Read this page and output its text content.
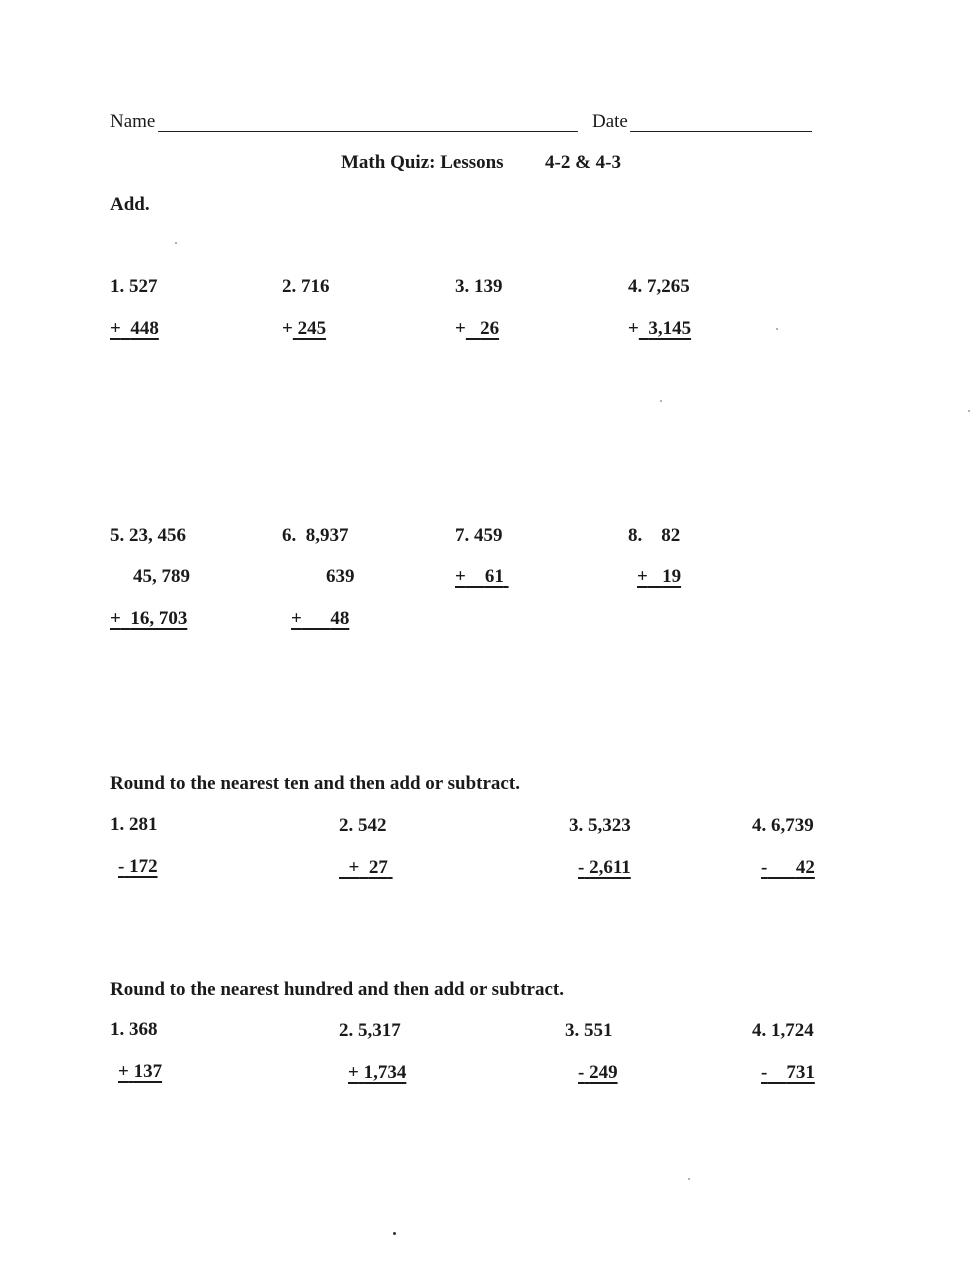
Name	Date
Math Quiz: Lessons 4-2 & 4-3
Add.
1. 527
+ 448
2. 716
+ 245
3. 139
+ 26
4. 7,265
+ 3,145
5. 23, 456
45, 789
+ 16, 703
6. 8,937
639
+ 48
7. 459
+ 61
8. 82
+ 19
Round to the nearest ten and then add or subtract.
1. 281
- 172
2. 542
+ 27
3. 5,323
- 2,611
4. 6,739
- 42
Round to the nearest hundred and then add or subtract.
1. 368
+ 137
2. 5,317
+ 1,734
3. 551
- 249
4. 1,724
- 731
